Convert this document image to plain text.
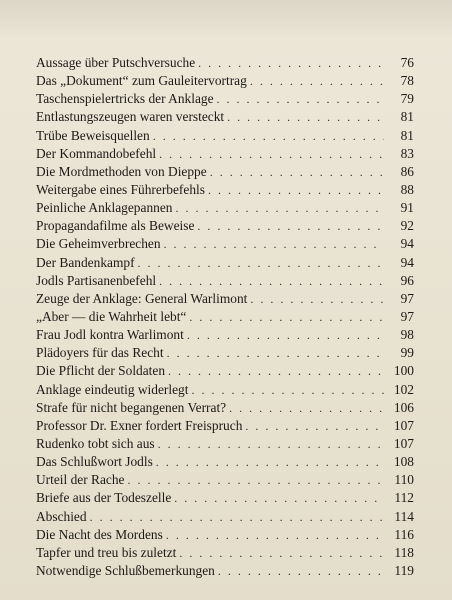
Aussage über Putschversuche . . .	76
Das „Dokument“ zum Gauleitervortrag . . .	78
Taschenspielertricks der Anklage . . .	79
Entlastungszeugen waren versteckt . . .	81
Trübe Beweisquellen . . .	81
Der Kommandobefehl . . .	83
Die Mordmethoden von Dieppe . . .	86
Weitergabe eines Führerbefehls . . .	88
Peinliche Anklagepannen . . .	91
Propagandafilme als Beweise . . .	92
Die Geheimverbrechen . . .	94
Der Bandenkampf . . .	94
Jodls Partisanenbefehl . . .	96
Zeuge der Anklage: General Warlimont . . .	97
„Aber — die Wahrheit lebt“ . . .	97
Frau Jodl kontra Warlimont . . .	98
Plädoyers für das Recht . . .	99
Die Pflicht der Soldaten . . .	100
Anklage eindeutig widerlegt . . .	102
Strafe für nicht begangenen Verrat? . . .	106
Professor Dr. Exner fordert Freispruch . . .	107
Rudenko tobt sich aus . . .	107
Das Schlußwort Jodls . . .	108
Urteil der Rache . . .	110
Briefe aus der Todeszelle . . .	112
Abschied . . .	114
Die Nacht des Mordens . . .	116
Tapfer und treu bis zuletzt . . .	118
Notwendige Schlußbemerkungen . . .	119
